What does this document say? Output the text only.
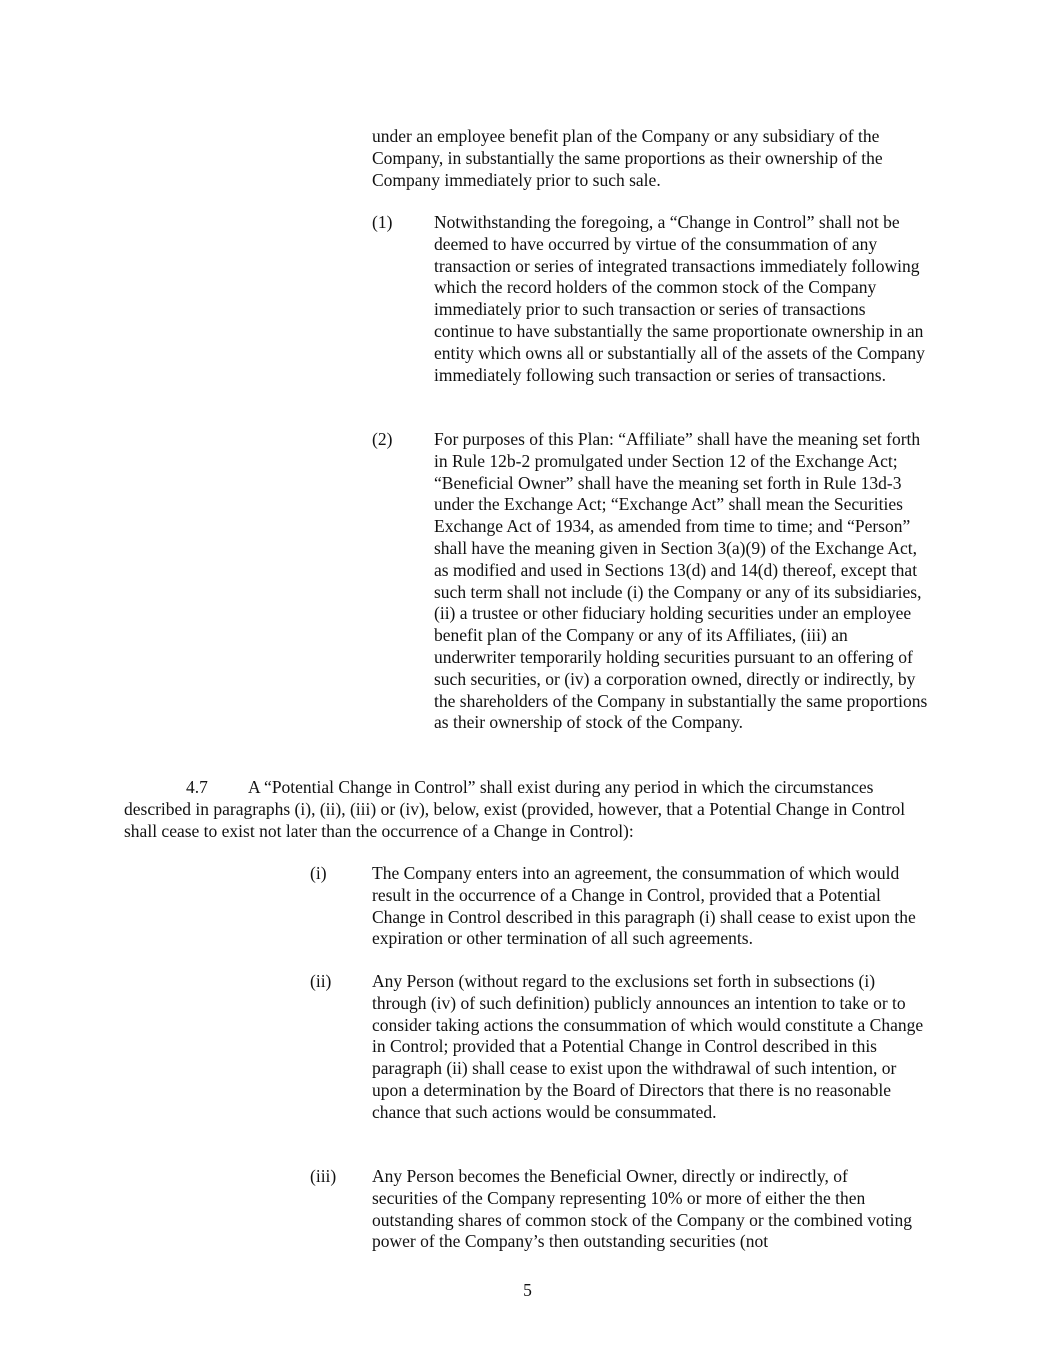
under an employee benefit plan of the Company or any subsidiary of the Company, in substantially the same proportions as their ownership of the Company immediately prior to such sale.

(1) Notwithstanding the foregoing, a “Change in Control” shall not be deemed to have occurred by virtue of the consummation of any transaction or series of integrated transactions immediately following which the record holders of the common stock of the Company immediately prior to such transaction or series of transactions continue to have substantially the same proportionate ownership in an entity which owns all or substantially all of the assets of the Company immediately following such transaction or series of transactions.

(2) For purposes of this Plan: “Affiliate” shall have the meaning set forth in Rule 12b-2 promulgated under Section 12 of the Exchange Act; “Beneficial Owner” shall have the meaning set forth in Rule 13d-3 under the Exchange Act; “Exchange Act” shall mean the Securities Exchange Act of 1934, as amended from time to time; and “Person” shall have the meaning given in Section 3(a)(9) of the Exchange Act, as modified and used in Sections 13(d) and 14(d) thereof, except that such term shall not include (i) the Company or any of its subsidiaries, (ii) a trustee or other fiduciary holding securities under an employee benefit plan of the Company or any of its Affiliates, (iii) an underwriter temporarily holding securities pursuant to an offering of such securities, or (iv) a corporation owned, directly or indirectly, by the shareholders of the Company in substantially the same proportions as their ownership of stock of the Company.

4.7 A “Potential Change in Control” shall exist during any period in which the circumstances described in paragraphs (i), (ii), (iii) or (iv), below, exist (provided, however, that a Potential Change in Control shall cease to exist not later than the occurrence of a Change in Control):

(i)	The Company enters into an agreement, the consummation of which would result in the occurrence of a Change in Control, provided that a Potential Change in Control described in this paragraph (i) shall cease to exist upon the expiration or other termination of all such agreements.

(ii) Any Person (without regard to the exclusions set forth in subsections (i) through (iv) of such definition) publicly announces an intention to take or to consider taking actions the consummation of which would constitute a Change in Control; provided that a Potential Change in Control described in this paragraph (ii) shall cease to exist upon the withdrawal of such intention, or upon a determination by the Board of Directors that there is no reasonable chance that such actions would be consummated.

(iii) Any Person becomes the Beneficial Owner, directly or indirectly, of securities of the Company representing 10% or more of either the then outstanding shares of common stock of the Company or the combined voting power of the Company’s then outstanding securities (not

5
